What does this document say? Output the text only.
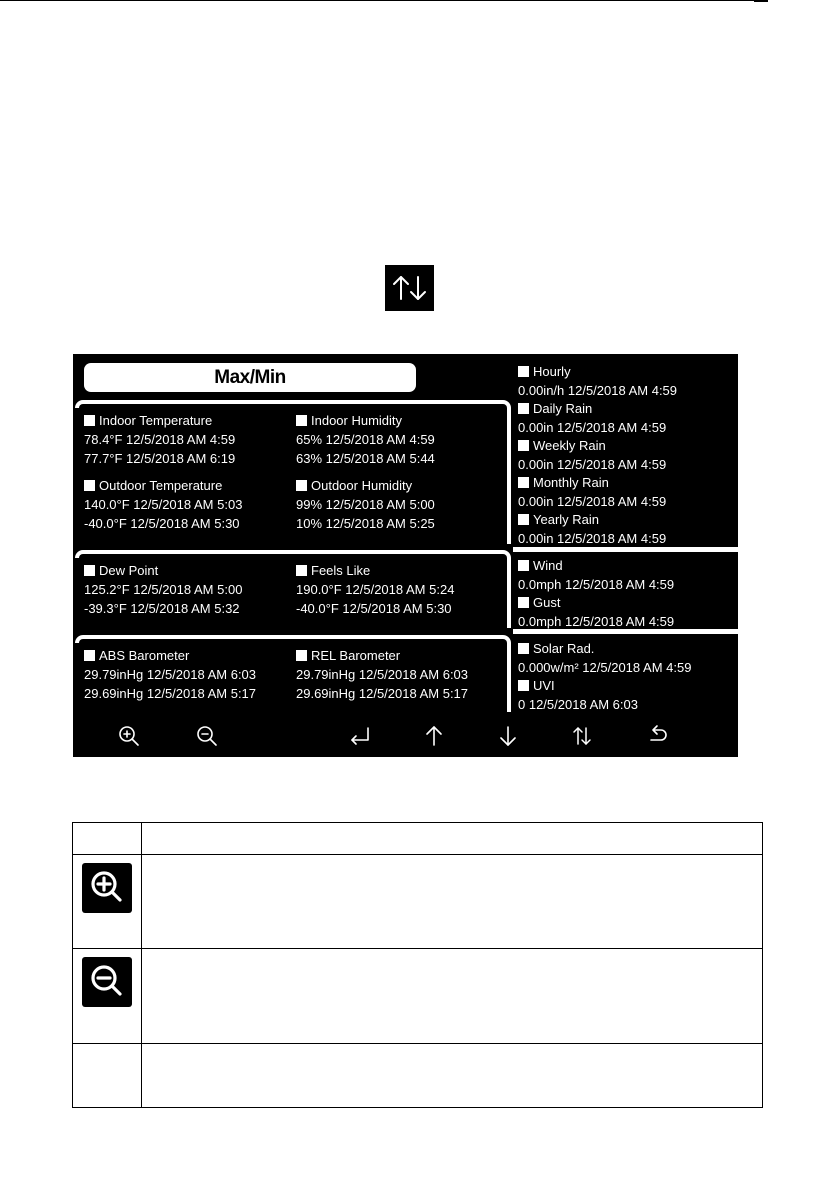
Max/Min
Indoor Temperature
78.4°F 12/5/2018 AM 4:59
77.7°F 12/5/2018 AM 6:19
Indoor Humidity
65% 12/5/2018 AM 4:59
63% 12/5/2018 AM 5:44
Outdoor Temperature
140.0°F 12/5/2018 AM 5:03
-40.0°F 12/5/2018 AM 5:30
Outdoor Humidity
99% 12/5/2018 AM 5:00
10% 12/5/2018 AM 5:25
Dew Point
125.2°F 12/5/2018 AM 5:00
-39.3°F 12/5/2018 AM 5:32
Feels Like
190.0°F 12/5/2018 AM 5:24
-40.0°F 12/5/2018 AM 5:30
ABS Barometer
29.79inHg 12/5/2018 AM 6:03
29.69inHg 12/5/2018 AM 5:17
REL Barometer
29.79inHg 12/5/2018 AM 6:03
29.69inHg 12/5/2018 AM 5:17
Hourly
0.00in/h 12/5/2018 AM 4:59
Daily Rain
0.00in 12/5/2018 AM 4:59
Weekly Rain
0.00in 12/5/2018 AM 4:59
Monthly Rain
0.00in 12/5/2018 AM 4:59
Yearly Rain
0.00in 12/5/2018 AM 4:59
Wind
0.0mph 12/5/2018 AM 4:59
Gust
0.0mph 12/5/2018 AM 4:59
Solar Rad.
0.000w/m² 12/5/2018 AM 4:59
UVI
0 12/5/2018 AM 6:03
